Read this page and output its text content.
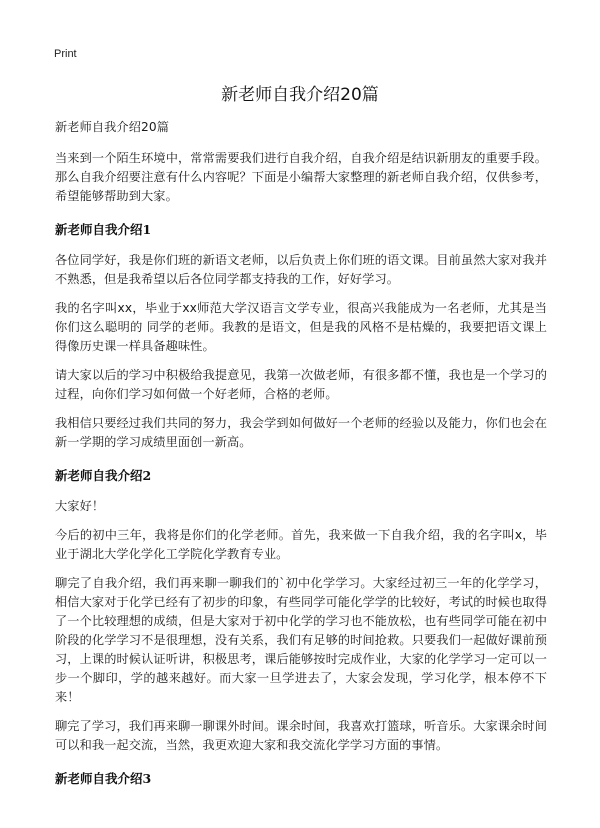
Print
新老师自我介绍20篇

新老师自我介绍20篇

当来到一个陌生环境中，常常需要我们进行自我介绍，自我介绍是结识新朋友的重要手段。那么自我介绍要注意有什么内容呢？下面是小编帮大家整理的新老师自我介绍，仅供参考，希望能够帮助到大家。

新老师自我介绍1

各位同学好，我是你们班的新语文老师，以后负责上你们班的语文课。目前虽然大家对我并不熟悉，但是我希望以后各位同学都支持我的工作，好好学习。

我的名字叫xx，毕业于xx师范大学汉语言文学专业，很高兴我能成为一名老师，尤其是当你们这么聪明的 同学的老师。我教的是语文，但是我的风格不是枯燥的，我要把语文课上得像历史课一样具备趣味性。

请大家以后的学习中积极给我提意见，我第一次做老师，有很多都不懂，我也是一个学习的过程，向你们学习如何做一个好老师，合格的老师。

我相信只要经过我们共同的努力，我会学到如何做好一个老师的经验以及能力，你们也会在新一学期的学习成绩里面创一新高。

新老师自我介绍2

大家好！

今后的初中三年，我将是你们的化学老师。首先，我来做一下自我介绍，我的名字叫x，毕业于湖北大学化学化工学院化学教育专业。

聊完了自我介绍，我们再来聊一聊我们的`初中化学学习。大家经过初三一年的化学学习，相信大家对于化学已经有了初步的印象，有些同学可能化学学的比较好，考试的时候也取得了一个比较理想的成绩，但是大家对于初中化学的学习也不能放松，也有些同学可能在初中阶段的化学学习不是很理想，没有关系，我们有足够的时间抢救。只要我们一起做好课前预习，上课的时候认证听讲，积极思考，课后能够按时完成作业，大家的化学学习一定可以一步一个脚印，学的越来越好。而大家一旦学进去了，大家会发现，学习化学，根本停不下来！

聊完了学习，我们再来聊一聊课外时间。课余时间，我喜欢打篮球，听音乐。大家课余时间可以和我一起交流，当然，我更欢迎大家和我交流化学学习方面的事情。

新老师自我介绍3
